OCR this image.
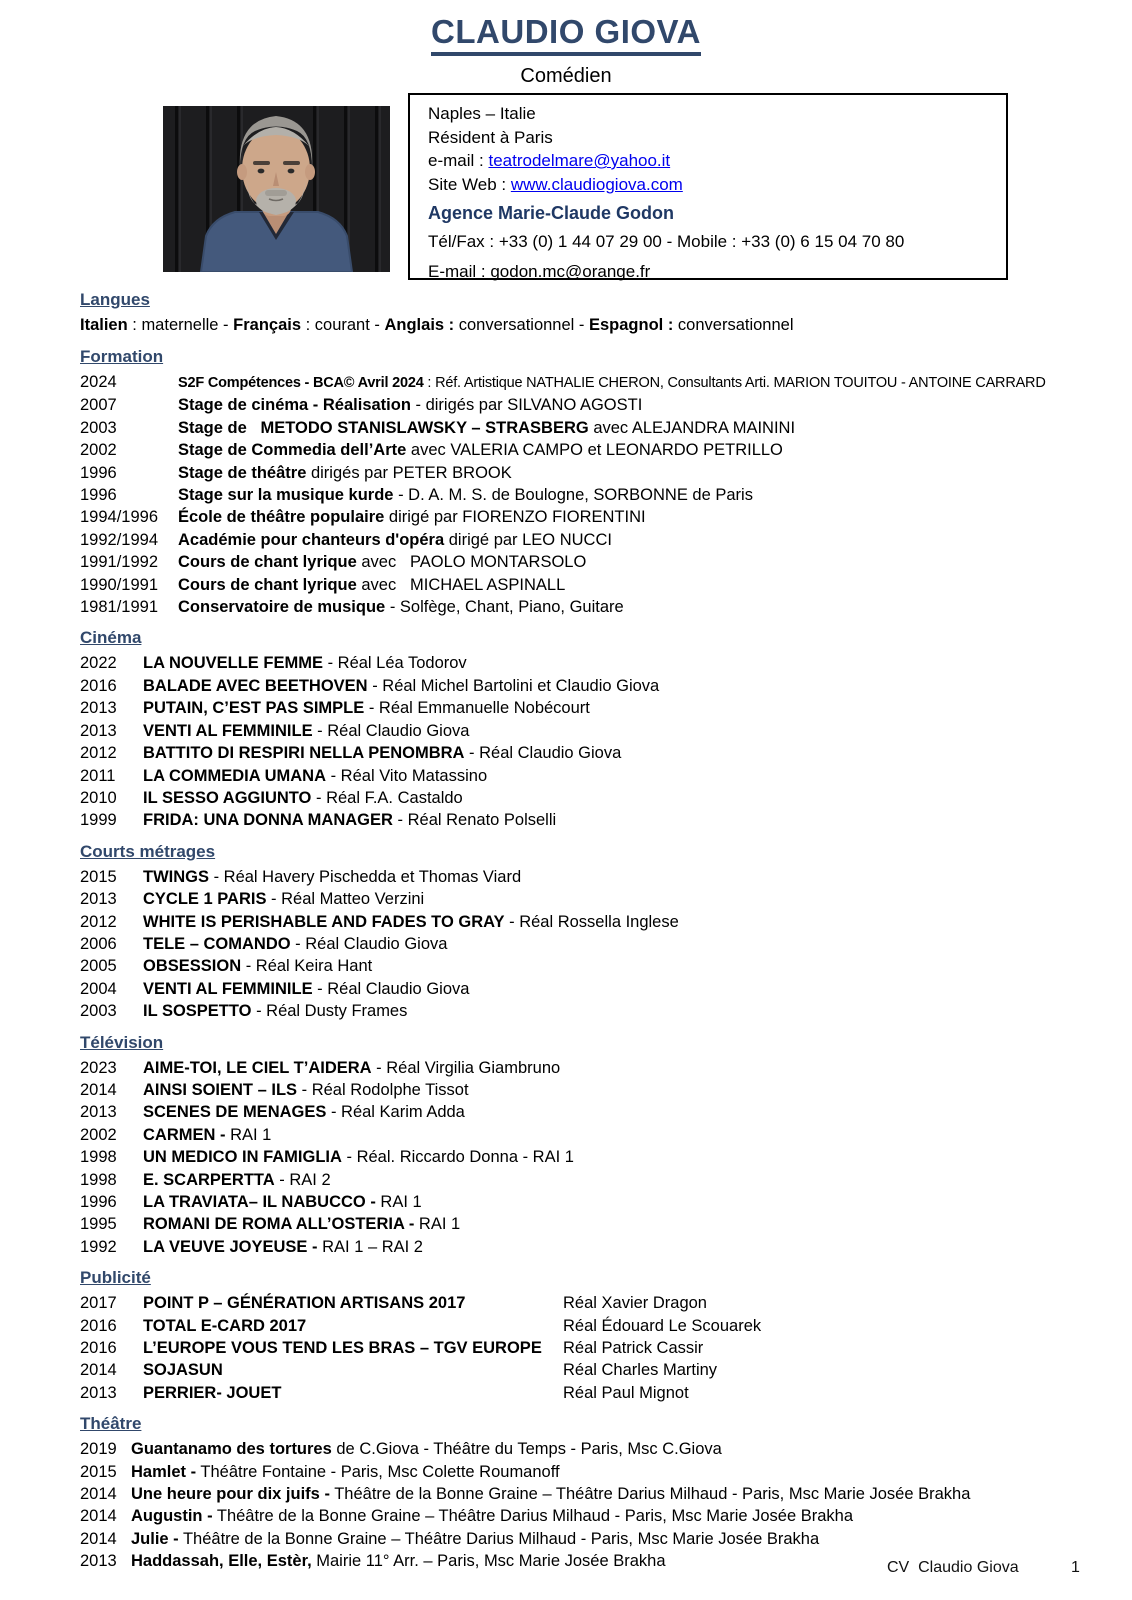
CLAUDIO GIOVA
Comédien
Naples – Italie
Résident à Paris
e-mail : teatrodelmare@yahoo.it
Site Web : www.claudiogiova.com
Agence Marie-Claude Godon
Tél/Fax : +33 (0) 1 44 07 29 00 - Mobile : +33 (0) 6 15 04 70 80
E-mail : godon.mc@orange.fr
Langues
Italien : maternelle - Français : courant - Anglais : conversationnel - Espagnol : conversationnel
Formation
2024	S2F Compétences - BCA© Avril 2024 : Réf. Artistique NATHALIE CHERON, Consultants Arti. MARION TOUITOU - ANTOINE CARRARD
2007	Stage de cinéma - Réalisation - dirigés par SILVANO AGOSTI
2003	Stage de   METODO STANISLAWSKY – STRASBERG avec ALEJANDRA MAININI
2002	Stage de Commedia dell’Arte avec VALERIA CAMPO et LEONARDO PETRILLO
1996	Stage de théâtre dirigés par PETER BROOK
1996	Stage sur la musique kurde - D. A. M. S. de Boulogne, SORBONNE de Paris
1994/1996	École de théâtre populaire dirigé par FIORENZO FIORENTINI
1992/1994	Académie pour chanteurs d'opéra dirigé par LEO NUCCI
1991/1992	Cours de chant lyrique avec   PAOLO MONTARSOLO
1990/1991	Cours de chant lyrique avec   MICHAEL ASPINALL
1981/1991	Conservatoire de musique - Solfège, Chant, Piano, Guitare
Cinéma
2022	LA NOUVELLE FEMME - Réal Léa Todorov
2016	BALADE AVEC BEETHOVEN - Réal Michel Bartolini et Claudio Giova
2013	PUTAIN, C’EST PAS SIMPLE - Réal Emmanuelle Nobécourt
2013	VENTI AL FEMMINILE - Réal Claudio Giova
2012	BATTITO DI RESPIRI NELLA PENOMBRA - Réal Claudio Giova
2011	LA COMMEDIA UMANA - Réal Vito Matassino
2010	IL SESSO AGGIUNTO - Réal F.A. Castaldo
1999	FRIDA: UNA DONNA MANAGER - Réal Renato Polselli
Courts métrages
2015	TWINGS - Réal Havery Pischedda et Thomas Viard
2013	CYCLE 1 PARIS - Réal Matteo Verzini
2012	WHITE IS PERISHABLE AND FADES TO GRAY - Réal Rossella Inglese
2006	TELE – COMANDO - Réal Claudio Giova
2005	OBSESSION - Réal Keira Hant
2004	VENTI AL FEMMINILE - Réal Claudio Giova
2003	IL SOSPETTO - Réal Dusty Frames
Télévision
2023	AIME-TOI, LE CIEL T’AIDERA - Réal Virgilia Giambruno
2014	AINSI SOIENT – ILS - Réal Rodolphe Tissot
2013	SCENES DE MENAGES - Réal Karim Adda
2002	CARMEN - RAI 1
1998	UN MEDICO IN FAMIGLIA - Réal. Riccardo Donna - RAI 1
1998	E. SCARPERTTA - RAI 2
1996	LA TRAVIATA– IL NABUCCO - RAI 1
1995	ROMANI DE ROMA ALL’OSTERIA - RAI 1
1992	LA VEUVE JOYEUSE - RAI 1 – RAI 2
Publicité
2017	POINT P – GÉNÉRATION ARTISANS 2017	Réal Xavier Dragon
2016	TOTAL E-CARD 2017	Réal Édouard Le Scouarek
2016	L’EUROPE VOUS TEND LES BRAS – TGV EUROPE	Réal Patrick Cassir
2014	SOJASUN	Réal Charles Martiny
2013	PERRIER- JOUET	Réal Paul Mignot
Théâtre
2019 Guantanamo des tortures de C.Giova - Théâtre du Temps - Paris, Msc C.Giova
2015 Hamlet - Théâtre Fontaine - Paris, Msc Colette Roumanoff
2014 Une heure pour dix juifs - Théâtre de la Bonne Graine – Théâtre Darius Milhaud - Paris, Msc Marie Josée Brakha
2014 Augustin - Théâtre de la Bonne Graine – Théâtre Darius Milhaud - Paris, Msc Marie Josée Brakha
2014 Julie - Théâtre de la Bonne Graine – Théâtre Darius Milhaud - Paris, Msc Marie Josée Brakha
2013 Haddassah, Elle, Estèr, Mairie 11° Arr. – Paris, Msc Marie Josée Brakha	CV  Claudio Giova	1
